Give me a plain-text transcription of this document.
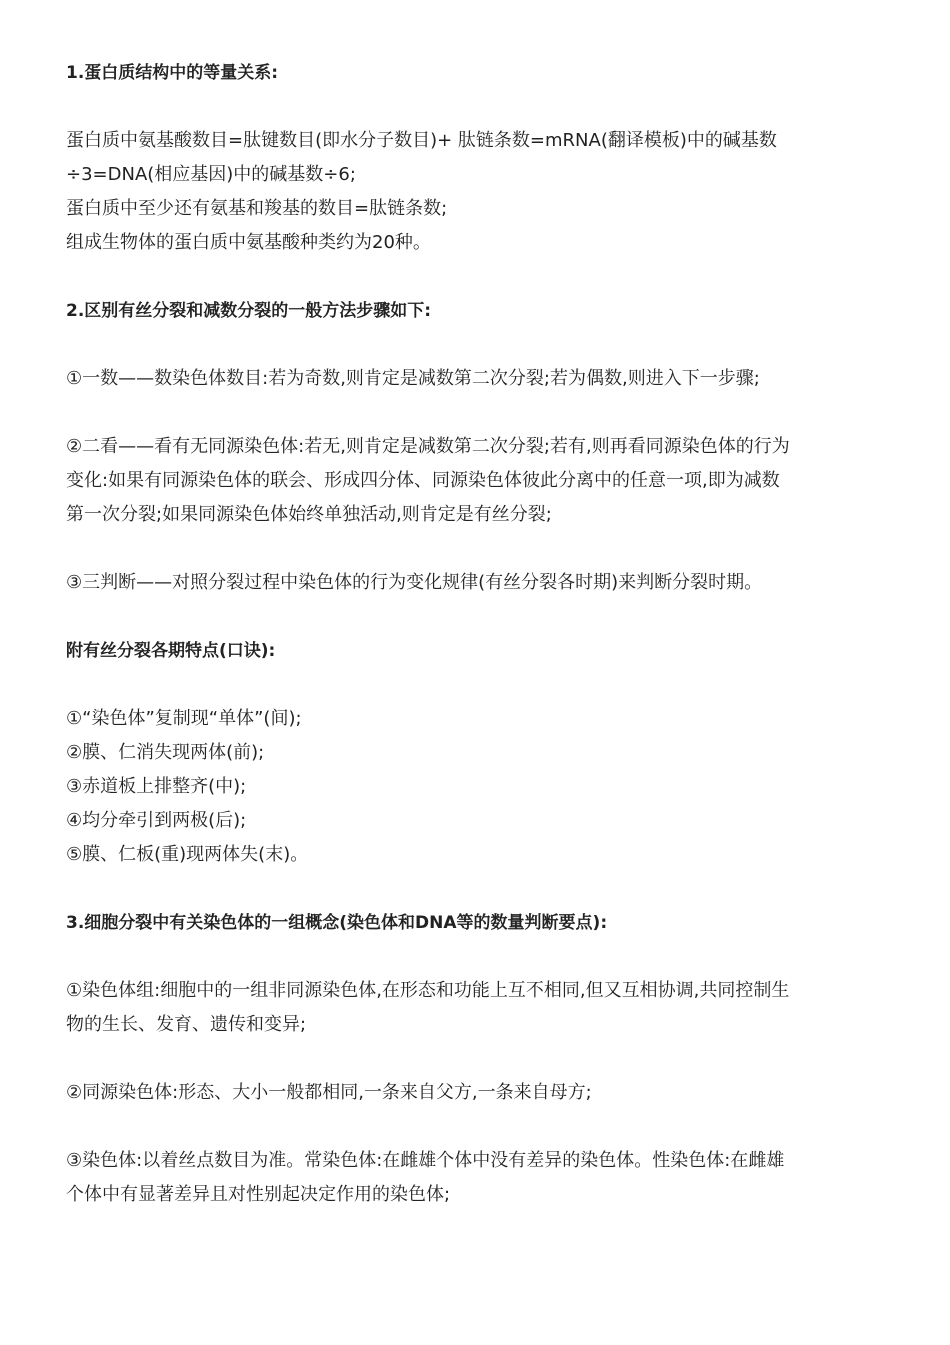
1.蛋白质结构中的等量关系:

蛋白质中氨基酸数目=肽键数目(即水分子数目)+ 肽链条数=mRNA(翻译模板)中的碱基数

÷3=DNA(相应基因)中的碱基数÷6;

蛋白质中至少还有氨基和羧基的数目=肽链条数;

组成生物体的蛋白质中氨基酸种类约为20种。

2.区别有丝分裂和减数分裂的一般方法步骤如下:

①一数——数染色体数目:若为奇数,则肯定是减数第二次分裂;若为偶数,则进入下一步骤;

②二看——看有无同源染色体:若无,则肯定是减数第二次分裂;若有,则再看同源染色体的行为

变化:如果有同源染色体的联会、形成四分体、同源染色体彼此分离中的任意一项,即为减数

第一次分裂;如果同源染色体始终单独活动,则肯定是有丝分裂;

③三判断——对照分裂过程中染色体的行为变化规律(有丝分裂各时期)来判断分裂时期。

附有丝分裂各期特点(口诀):

①“染色体”复制现“单体”(间);

②膜、仁消失现两体(前);

③赤道板上排整齐(中);

④均分牵引到两极(后);

⑤膜、仁板(重)现两体失(末)。

3.细胞分裂中有关染色体的一组概念(染色体和DNA等的数量判断要点):

①染色体组:细胞中的一组非同源染色体,在形态和功能上互不相同,但又互相协调,共同控制生

物的生长、发育、遗传和变异;

②同源染色体:形态、大小一般都相同,一条来自父方,一条来自母方;

③染色体:以着丝点数目为准。常染色体:在雌雄个体中没有差异的染色体。性染色体:在雌雄

个体中有显著差异且对性别起决定作用的染色体;
